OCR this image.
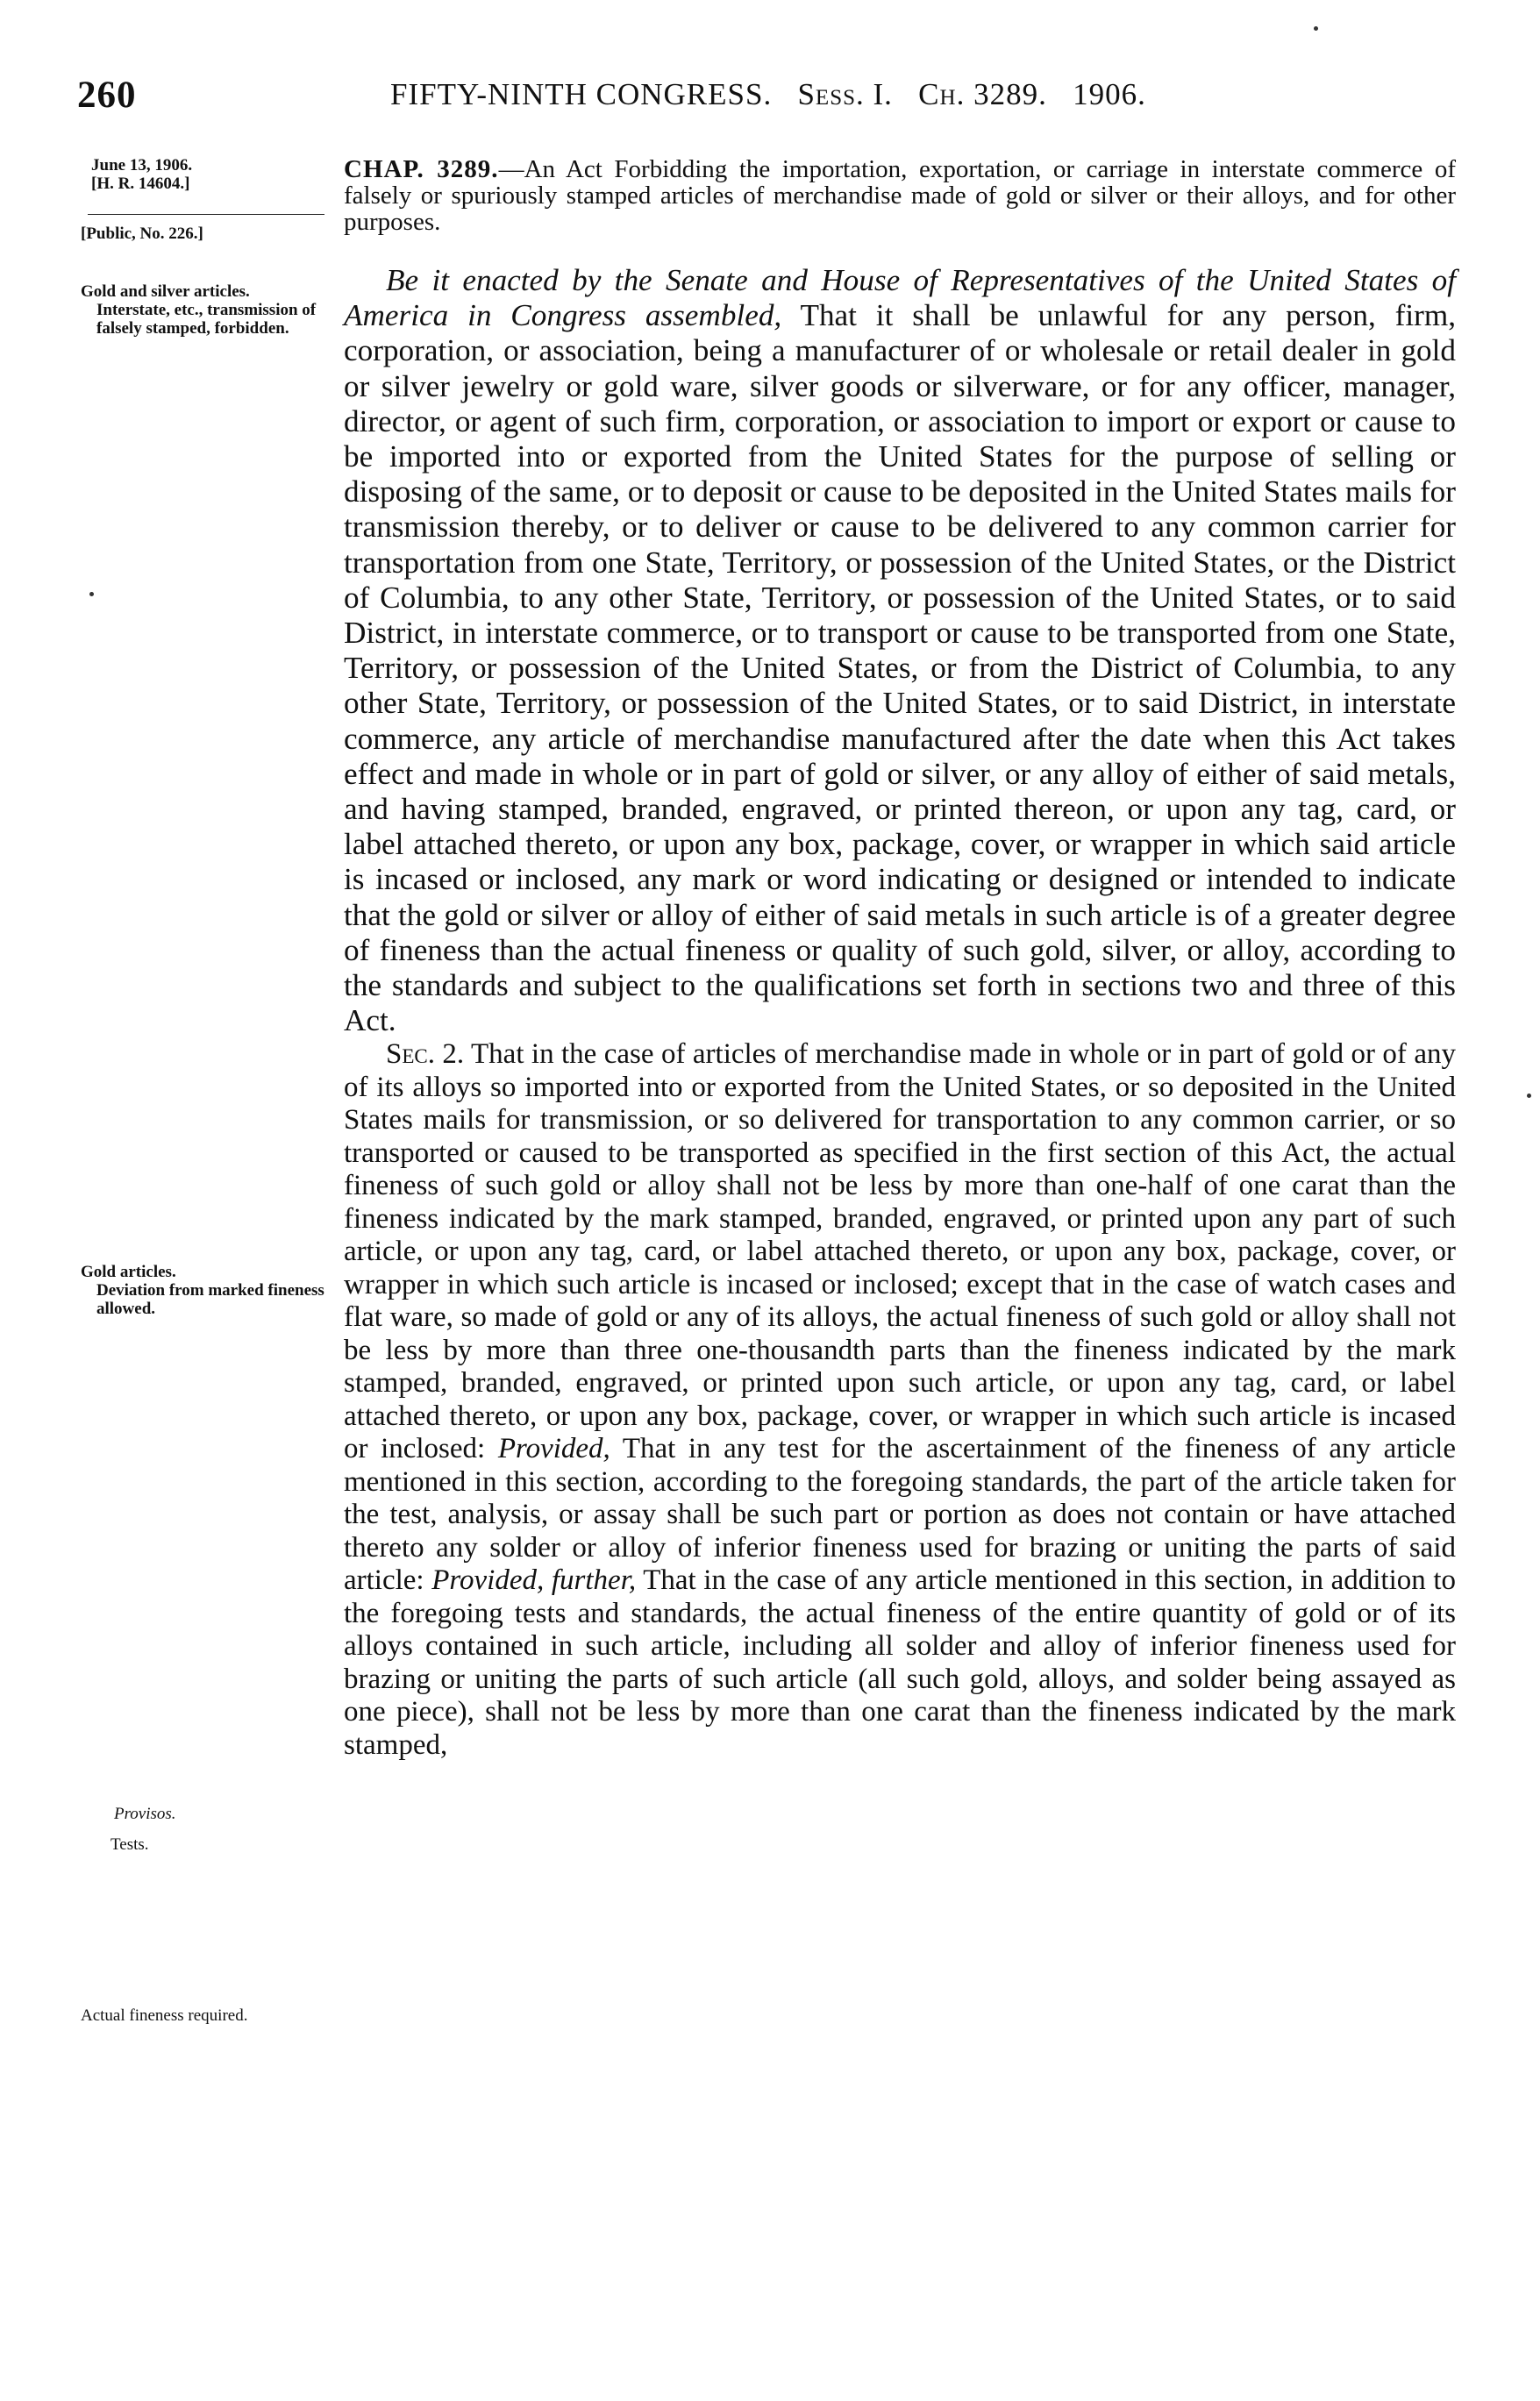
260	FIFTY-NINTH CONGRESS. Sess. I. Ch. 3289. 1906.
June 13, 1906.
[H. R. 14604.]
[Public, No. 226.]
Gold and silver articles.
Interstate, etc., transmission of falsely stamped, forbidden.
Gold articles.
Deviation from marked fineness allowed.
Provisos.
Tests.
Actual fineness required.
CHAP. 3289.—An Act Forbidding the importation, exportation, or carriage in interstate commerce of falsely or spuriously stamped articles of merchandise made of gold or silver or their alloys, and for other purposes.

Be it enacted by the Senate and House of Representatives of the United States of America in Congress assembled, That it shall be unlawful for any person, firm, corporation, or association, being a manufacturer of or wholesale or retail dealer in gold or silver jewelry or gold ware, silver goods or silverware, or for any officer, manager, director, or agent of such firm, corporation, or association to import or export or cause to be imported into or exported from the United States for the purpose of selling or disposing of the same, or to deposit or cause to be deposited in the United States mails for transmission thereby, or to deliver or cause to be delivered to any common carrier for transportation from one State, Territory, or possession of the United States, or the District of Columbia, to any other State, Territory, or possession of the United States, or to said District, in interstate commerce, or to transport or cause to be transported from one State, Territory, or possession of the United States, or from the District of Columbia, to any other State, Territory, or possession of the United States, or to said District, in interstate commerce, any article of merchandise manufactured after the date when this Act takes effect and made in whole or in part of gold or silver, or any alloy of either of said metals, and having stamped, branded, engraved, or printed thereon, or upon any tag, card, or label attached thereto, or upon any box, package, cover, or wrapper in which said article is incased or inclosed, any mark or word indicating or designed or intended to indicate that the gold or silver or alloy of either of said metals in such article is of a greater degree of fineness than the actual fineness or quality of such gold, silver, or alloy, according to the standards and subject to the qualifications set forth in sections two and three of this Act.

Sec. 2. That in the case of articles of merchandise made in whole or in part of gold or of any of its alloys so imported into or exported from the United States, or so deposited in the United States mails for transmission, or so delivered for transportation to any common carrier, or so transported or caused to be transported as specified in the first section of this Act, the actual fineness of such gold or alloy shall not be less by more than one-half of one carat than the fineness indicated by the mark stamped, branded, engraved, or printed upon any part of such article, or upon any tag, card, or label attached thereto, or upon any box, package, cover, or wrapper in which such article is incased or inclosed; except that in the case of watch cases and flat ware, so made of gold or any of its alloys, the actual fineness of such gold or alloy shall not be less by more than three one-thousandth parts than the fineness indicated by the mark stamped, branded, engraved, or printed upon such article, or upon any tag, card, or label attached thereto, or upon any box, package, cover, or wrapper in which such article is incased or inclosed: Provided, That in any test for the ascertainment of the fineness of any article mentioned in this section, according to the foregoing standards, the part of the article taken for the test, analysis, or assay shall be such part or portion as does not contain or have attached thereto any solder or alloy of inferior fineness used for brazing or uniting the parts of said article: Provided, further, That in the case of any article mentioned in this section, in addition to the foregoing tests and standards, the actual fineness of the entire quantity of gold or of its alloys contained in such article, including all solder and alloy of inferior fineness used for brazing or uniting the parts of such article (all such gold, alloys, and solder being assayed as one piece), shall not be less by more than one carat than the fineness indicated by the mark stamped,
